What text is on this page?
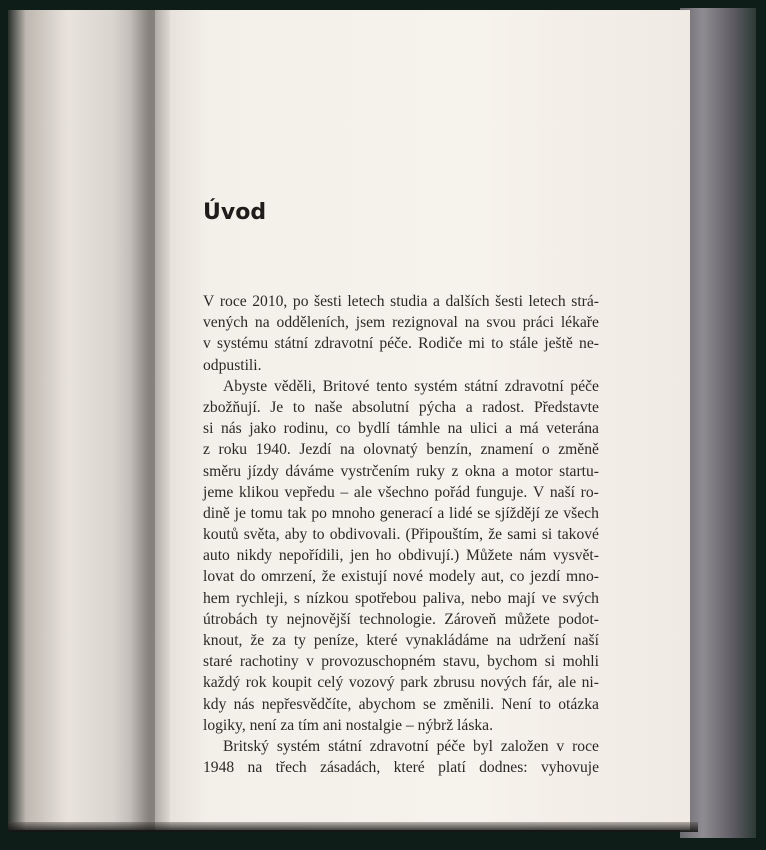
Úvod
V roce 2010, po šesti letech studia a dalších šesti letech strá-
vených na odděleních, jsem rezignoval na svou práci lékaře
v systému státní zdravotní péče. Rodiče mi to stále ještě ne-
odpustili.
Abyste věděli, Britové tento systém státní zdravotní péče
zbožňují. Je to naše absolutní pýcha a radost. Představte
si nás jako rodinu, co bydlí támhle na ulici a má veterána
z roku 1940. Jezdí na olovnatý benzín, znamení o změně
směru jízdy dáváme vystrčením ruky z okna a motor startu-
jeme klikou vepředu – ale všechno pořád funguje. V naší ro-
dině je tomu tak po mnoho generací a lidé se sjíždějí ze všech
koutů světa, aby to obdivovali. (Připouštím, že sami si takové
auto nikdy nepořídili, jen ho obdivují.) Můžete nám vysvět-
lovat do omrzení, že existují nové modely aut, co jezdí mno-
hem rychleji, s nízkou spotřebou paliva, nebo mají ve svých
útrobách ty nejnovější technologie. Zároveň můžete podot-
knout, že za ty peníze, které vynakládáme na udržení naší
staré rachotiny v provozuschopném stavu, bychom si mohli
každý rok koupit celý vozový park zbrusu nových fár, ale ni-
kdy nás nepřesvědčíte, abychom se změnili. Není to otázka
logiky, není za tím ani nostalgie – nýbrž láska.
Britský systém státní zdravotní péče byl založen v roce
1948 na třech zásadách, které platí dodnes: vyhovuje
